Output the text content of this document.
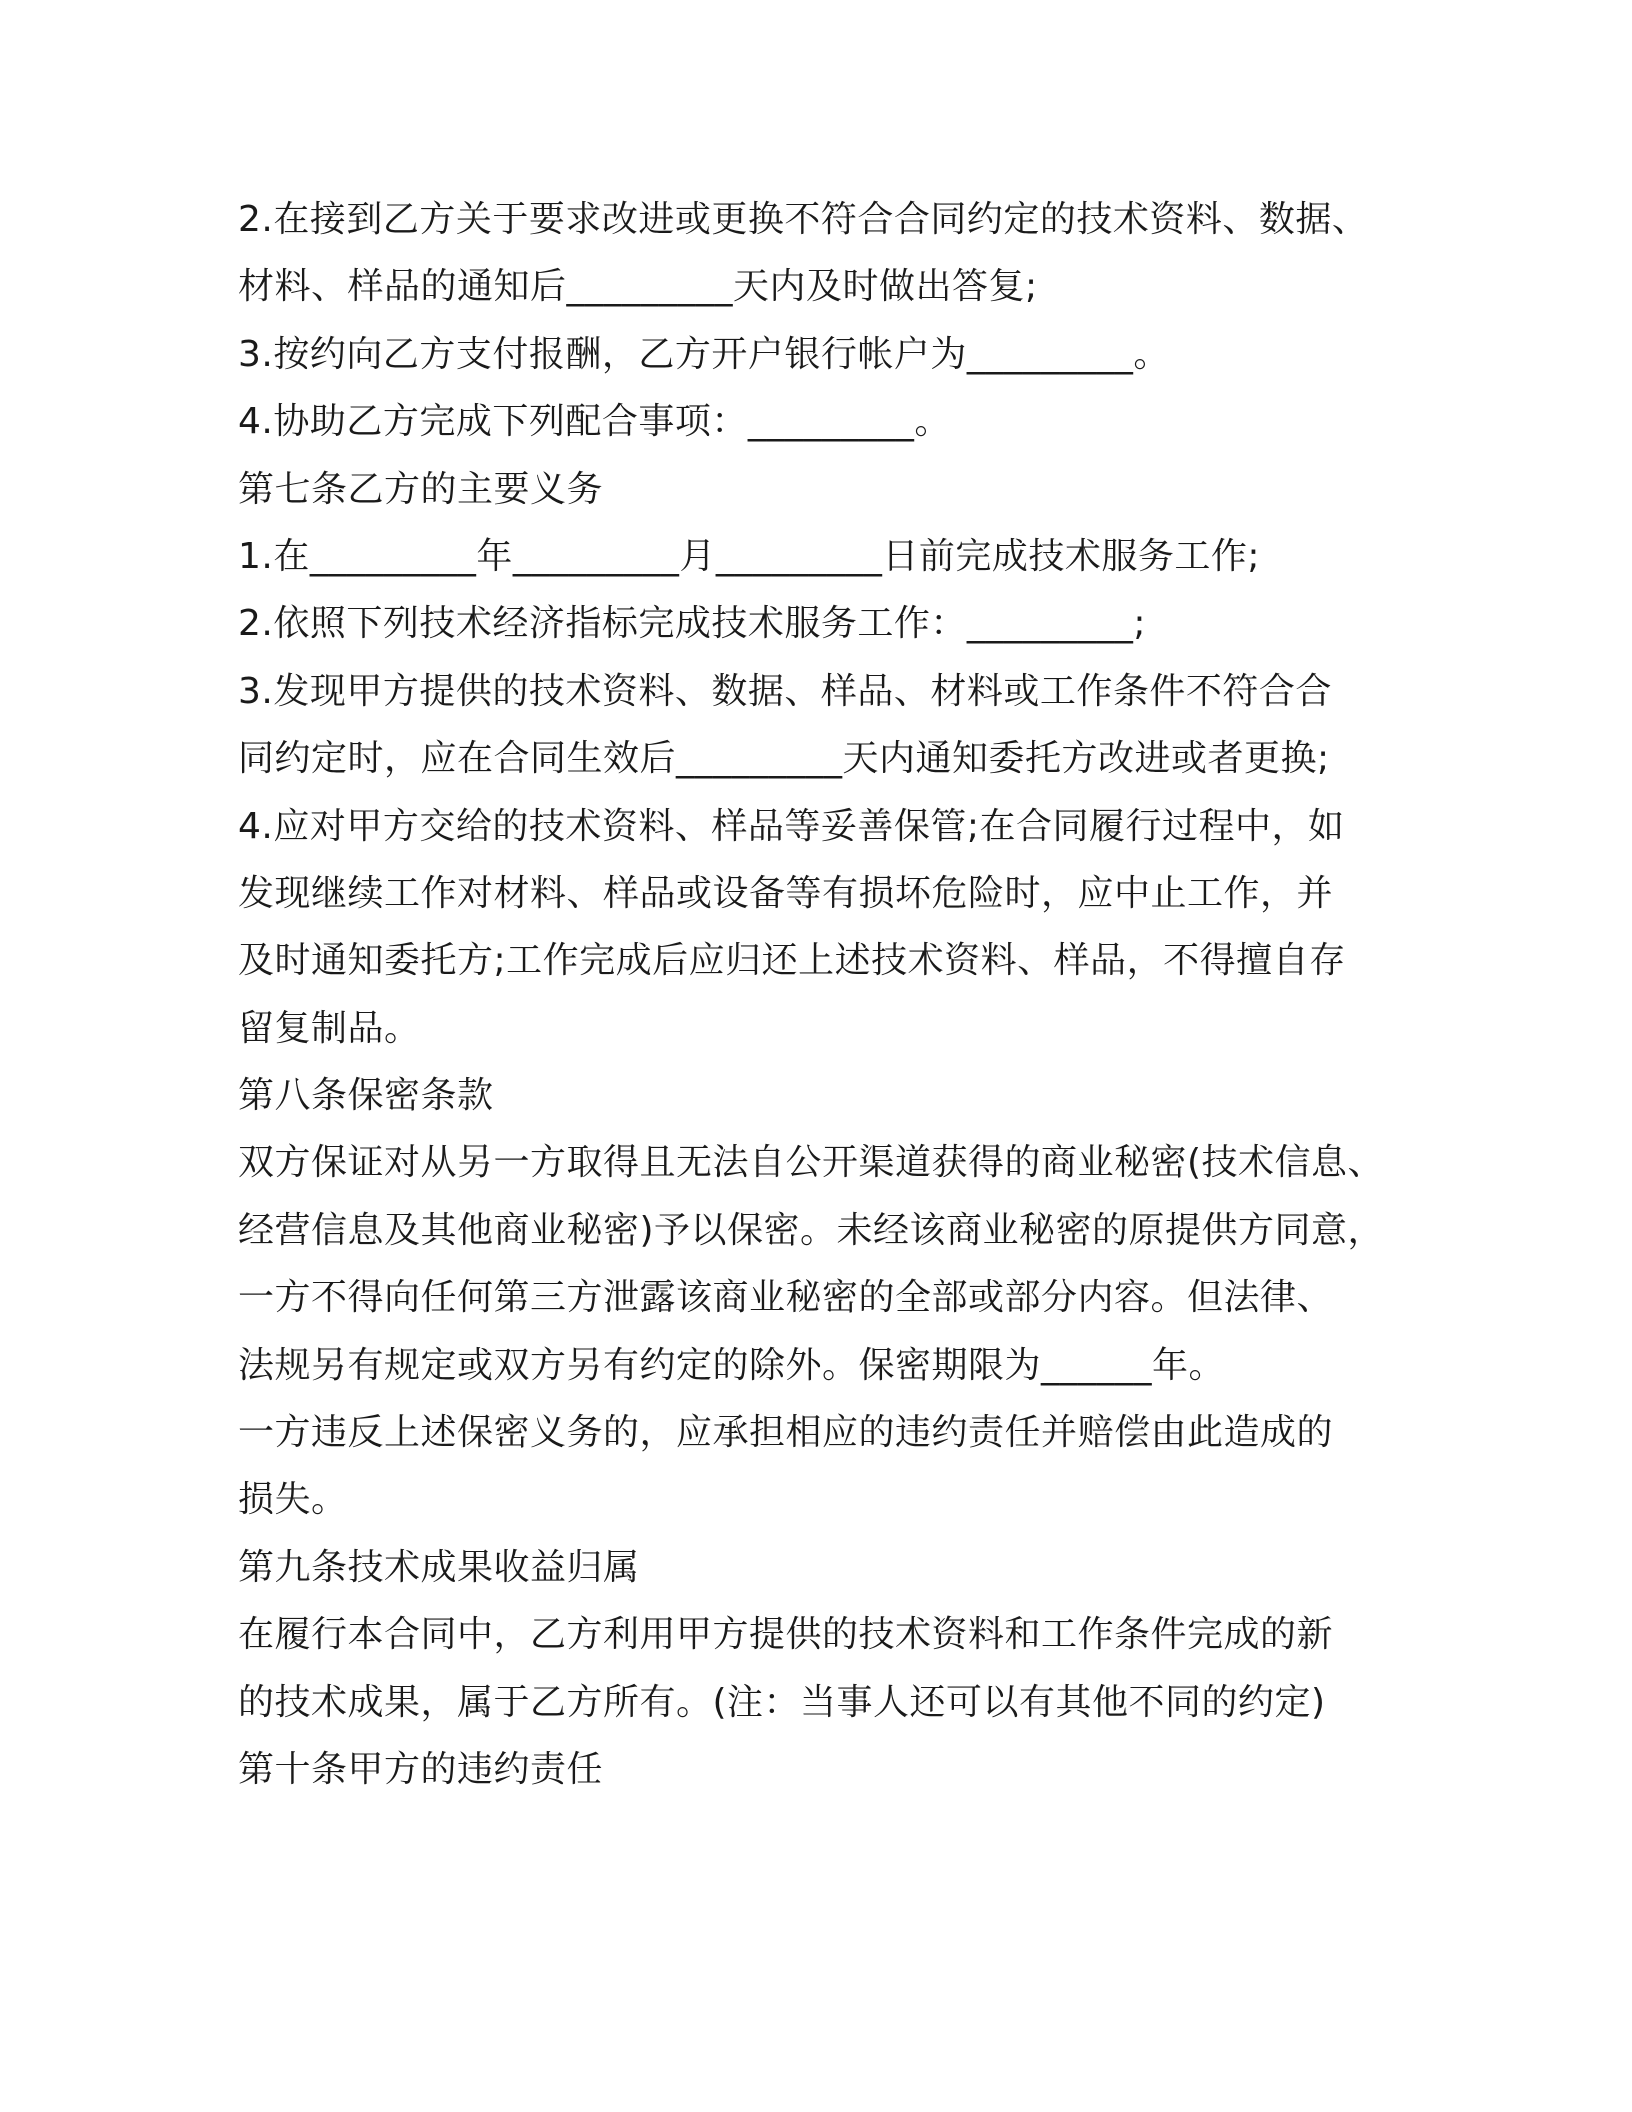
2.在接到乙方关于要求改进或更换不符合合同约定的技术资料、数据、
材料、样品的通知后_________天内及时做出答复;
3.按约向乙方支付报酬，乙方开户银行帐户为_________。
4.协助乙方完成下列配合事项：_________。
第七条乙方的主要义务
1.在_________年_________月_________日前完成技术服务工作;
2.依照下列技术经济指标完成技术服务工作：_________;
3.发现甲方提供的技术资料、数据、样品、材料或工作条件不符合合
同约定时，应在合同生效后_________天内通知委托方改进或者更换;
4.应对甲方交给的技术资料、样品等妥善保管;在合同履行过程中，如
发现继续工作对材料、样品或设备等有损坏危险时，应中止工作，并
及时通知委托方;工作完成后应归还上述技术资料、样品，不得擅自存
留复制品。
第八条保密条款
双方保证对从另一方取得且无法自公开渠道获得的商业秘密(技术信息、
经营信息及其他商业秘密)予以保密。未经该商业秘密的原提供方同意，
一方不得向任何第三方泄露该商业秘密的全部或部分内容。但法律、
法规另有规定或双方另有约定的除外。保密期限为______年。
一方违反上述保密义务的，应承担相应的违约责任并赔偿由此造成的
损失。
第九条技术成果收益归属
在履行本合同中，乙方利用甲方提供的技术资料和工作条件完成的新
的技术成果，属于乙方所有。(注：当事人还可以有其他不同的约定)
第十条甲方的违约责任
